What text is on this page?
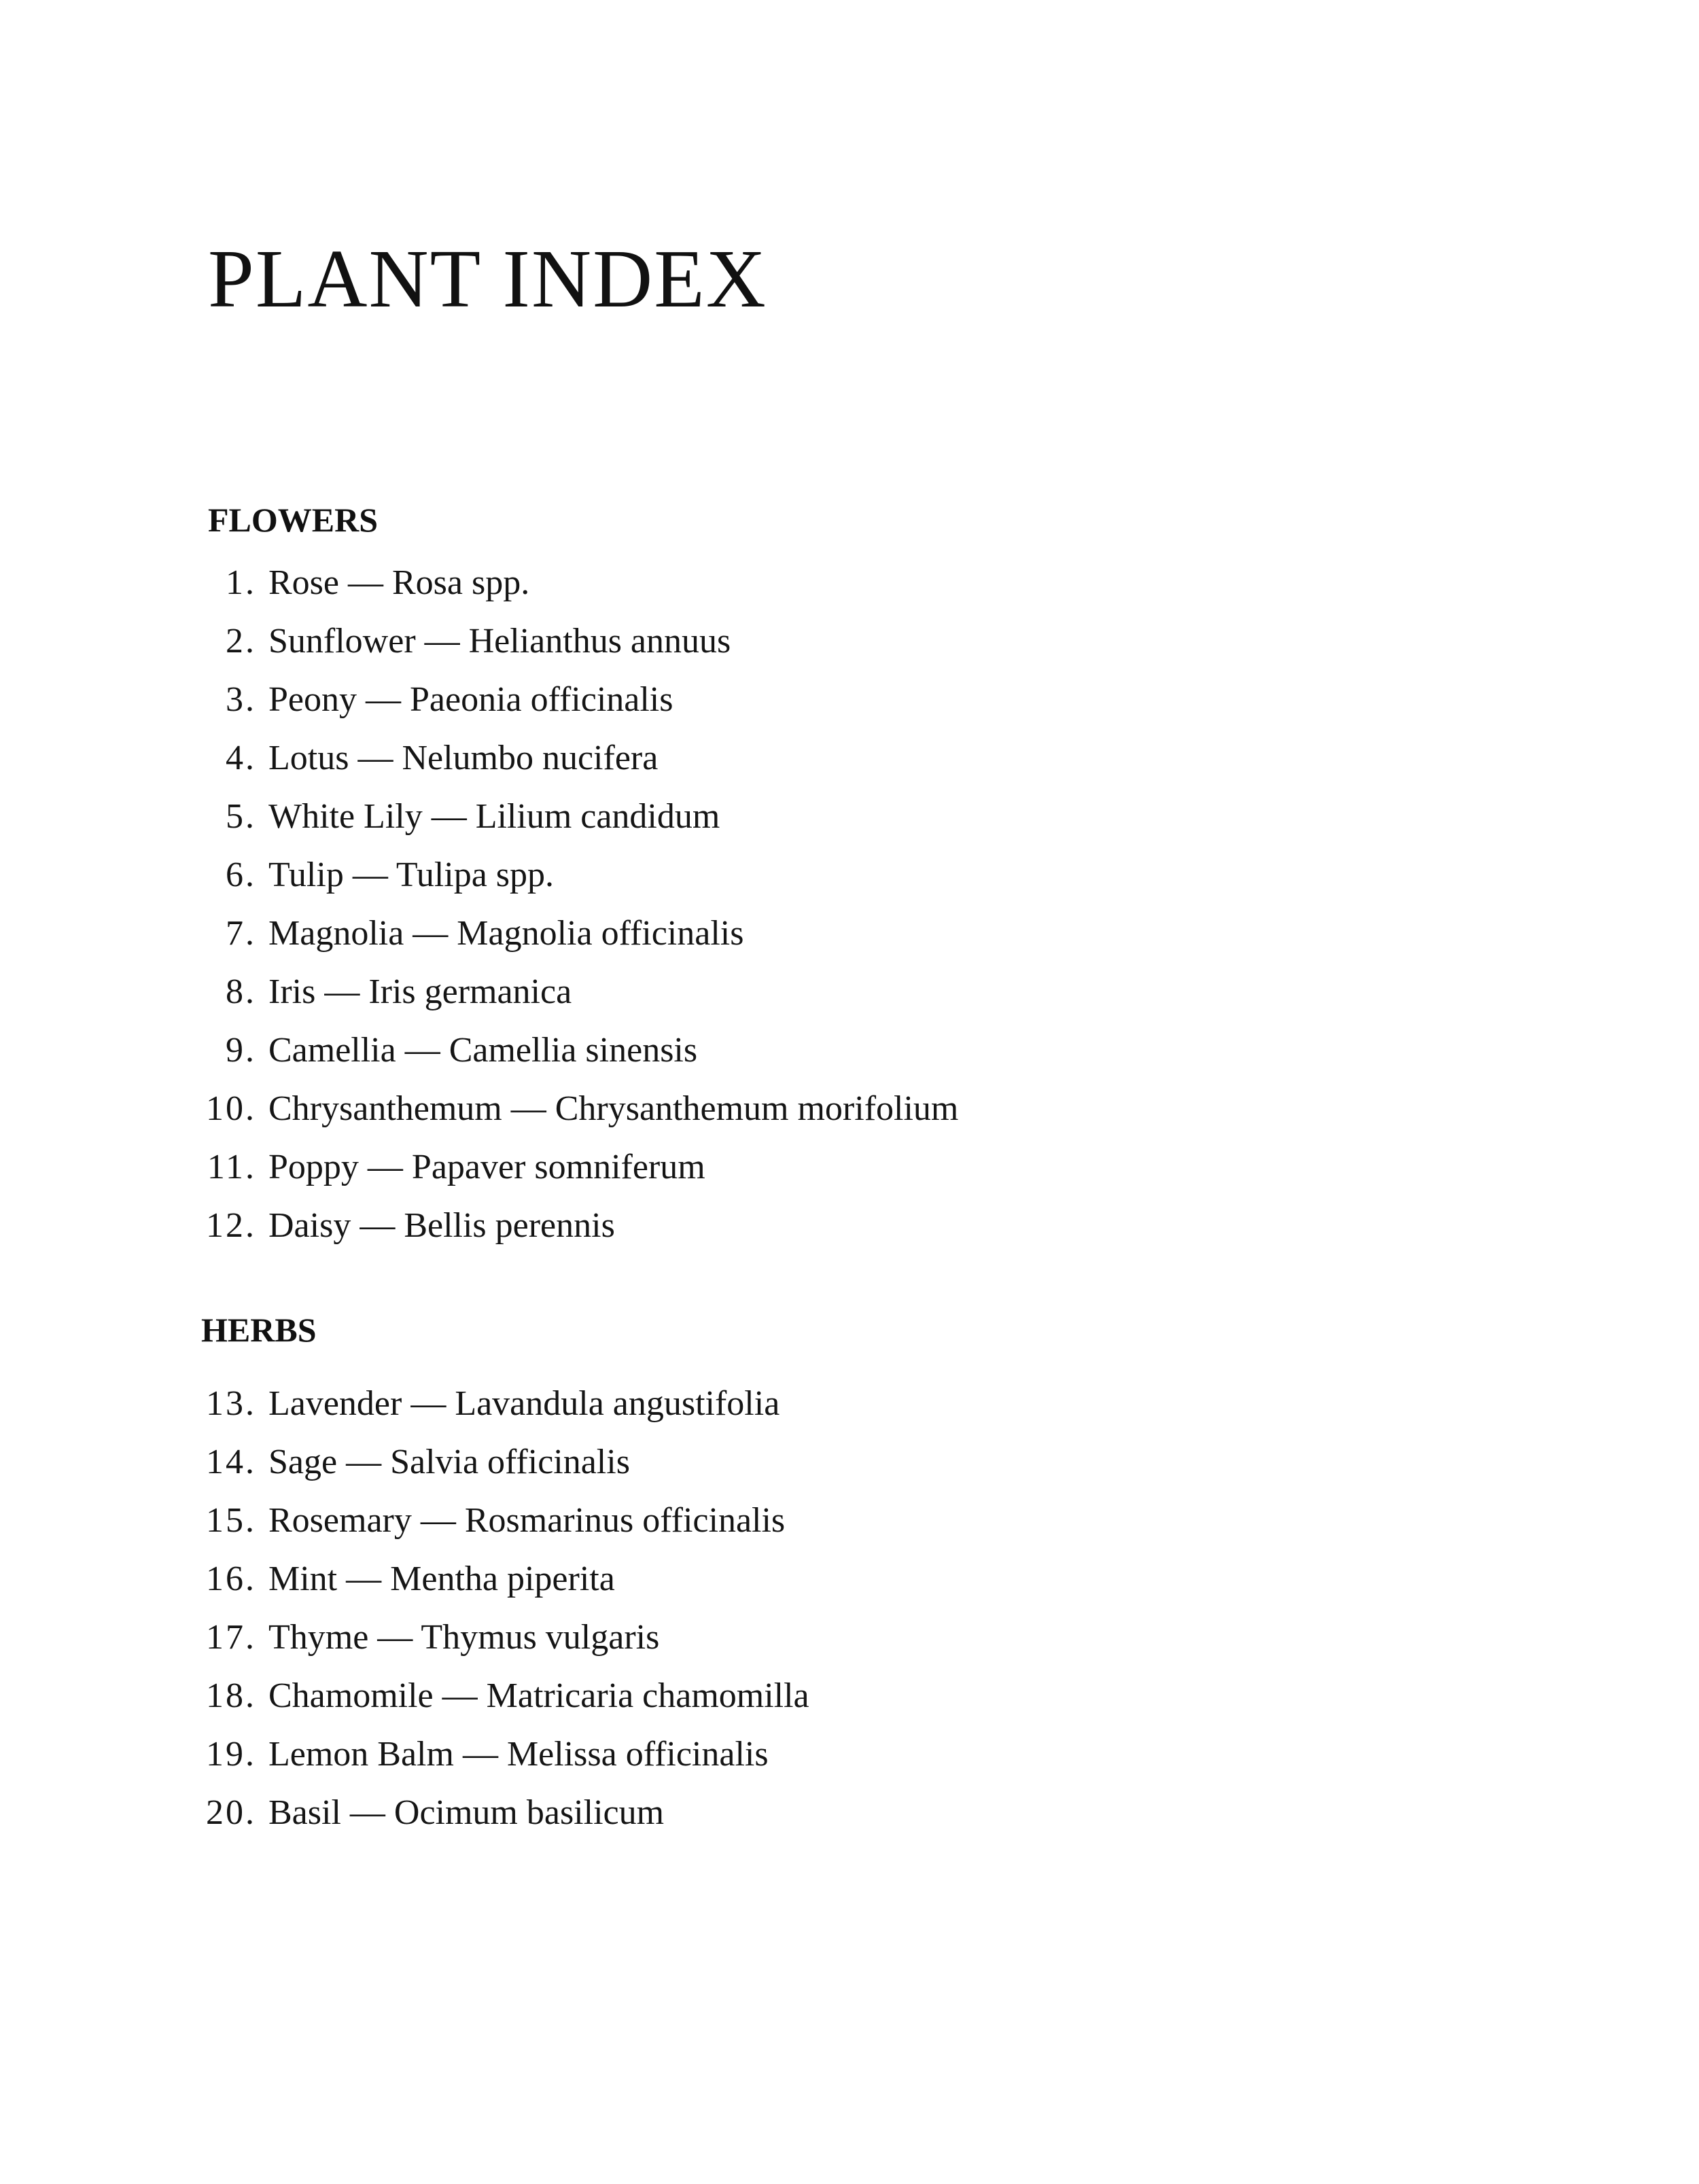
PLANT INDEX
FLOWERS
1. Rose — Rosa spp.
2. Sunflower — Helianthus annuus
3. Peony — Paeonia officinalis
4. Lotus — Nelumbo nucifera
5. White Lily — Lilium candidum
6. Tulip — Tulipa spp.
7. Magnolia — Magnolia officinalis
8. Iris — Iris germanica
9. Camellia — Camellia sinensis
10. Chrysanthemum — Chrysanthemum morifolium
11. Poppy — Papaver somniferum
12. Daisy — Bellis perennis
HERBS
13. Lavender — Lavandula angustifolia
14. Sage — Salvia officinalis
15. Rosemary — Rosmarinus officinalis
16. Mint — Mentha piperita
17. Thyme — Thymus vulgaris
18. Chamomile — Matricaria chamomilla
19. Lemon Balm — Melissa officinalis
20. Basil — Ocimum basilicum
